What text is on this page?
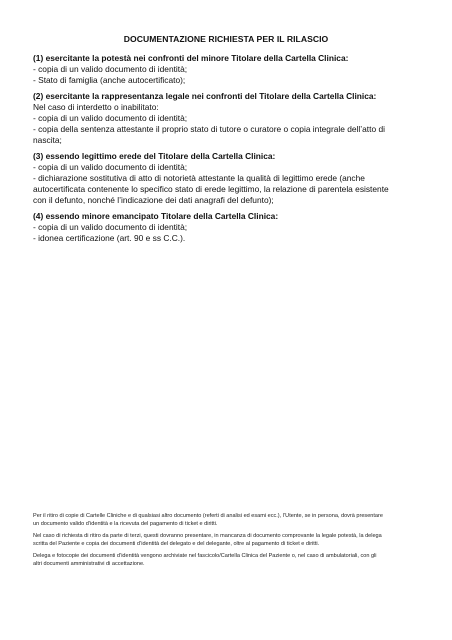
DOCUMENTAZIONE RICHIESTA PER IL RILASCIO
(1) esercitante la potestà nei confronti del minore Titolare della Cartella Clinica:
- copia di un valido documento di identità;
- Stato di famiglia (anche autocertificato);
(2) esercitante la rappresentanza legale nei confronti del Titolare della Cartella Clinica:
Nel caso di interdetto o inabilitato:
- copia di un valido documento di identità;
- copia della sentenza attestante il proprio stato di tutore o curatore o copia integrale dell’atto di
nascita;
(3) essendo legittimo erede del Titolare della Cartella Clinica:
- copia di un valido documento di identità;
- dichiarazione sostitutiva di atto di notorietà attestante la qualità di legittimo erede (anche
autocertificata contenente lo specifico stato di erede legittimo, la relazione di parentela esistente
con il defunto, nonché l’indicazione dei dati anagrafi del defunto);
(4) essendo minore emancipato Titolare della Cartella Clinica:
- copia di un valido documento di identità;
- idonea certificazione (art. 90 e ss C.C.).

Per il ritiro di copie di Cartelle Cliniche e di qualsiasi altro documento (referti di analisi ed esami ecc.), l’Utente, se in persona, dovrà presentare
un documento valido d’identità e la ricevuta del pagamento di ticket e diritti.

Nel caso di richiesta di ritiro da parte di terzi, questi dovranno presentare, in mancanza di documento comprovante la legale potestà, la delega
scritta del Paziente e copia dei documenti d’identità del delegato e del delegante, oltre al pagamento di ticket e diritti.

Delega e fotocopie dei documenti d’identità vengono archiviate nel fascicolo/Cartella Clinica del Paziente o, nel caso di ambulatoriali, con gli
altri documenti amministrativi di accettazione.
